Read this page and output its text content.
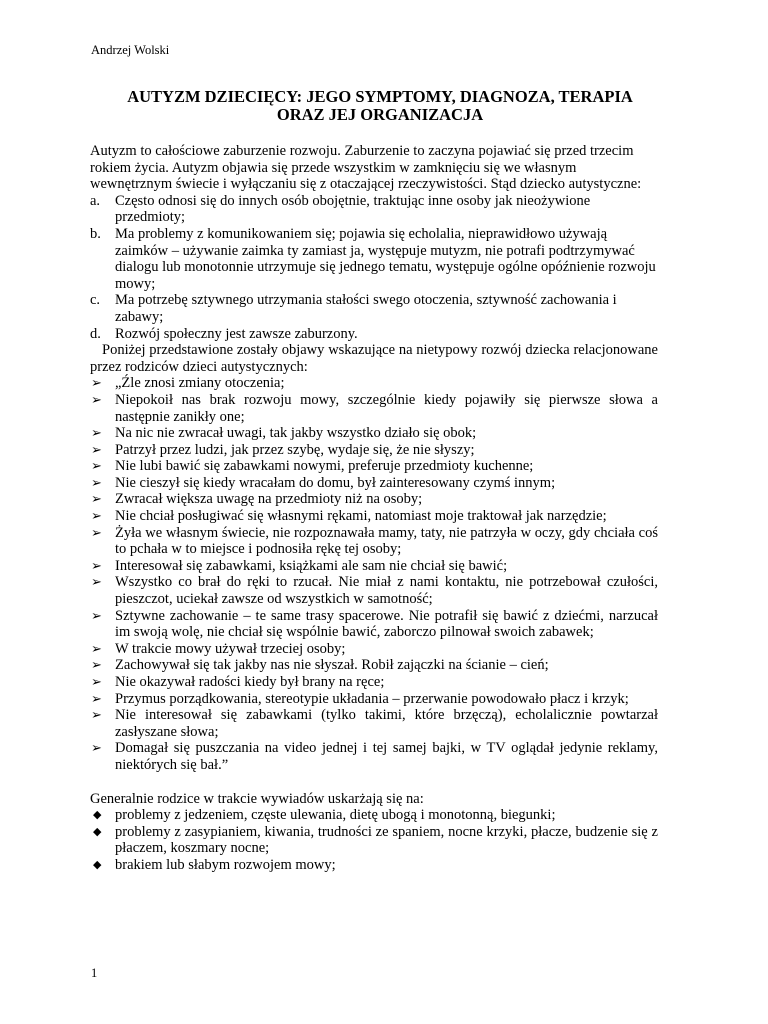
Andrzej Wolski
AUTYZM DZIECIĘCY: JEGO SYMPTOMY, DIAGNOZA, TERAPIA
ORAZ JEJ ORGANIZACJA

Autyzm to całościowe zaburzenie rozwoju. Zaburzenie to zaczyna pojawiać się przed trzecim rokiem życia. Autyzm objawia się przede wszystkim w zamknięciu się we własnym wewnętrznym świecie i wyłączaniu się z otaczającej rzeczywistości. Stąd dziecko autystyczne:

a. Często odnosi się do innych osób obojętnie, traktując inne osoby jak nieożywione przedmioty;
b. Ma problemy z komunikowaniem się; pojawia się echolalia, nieprawidłowo używają zaimków – używanie zaimka ty zamiast ja, występuje mutyzm, nie potrafi podtrzymywać dialogu lub monotonnie utrzymuje się jednego tematu, występuje ogólne opóźnienie rozwoju mowy;
c. Ma potrzebę sztywnego utrzymania stałości swego otoczenia, sztywność zachowania i zabawy;
d. Rozwój społeczny jest zawsze zaburzony.

Poniżej przedstawione zostały objawy wskazujące na nietypowy rozwój dziecka relacjonowane przez rodziców dzieci autystycznych:

➢ „Źle znosi zmiany otoczenia;
➢ Niepokoił nas brak rozwoju mowy, szczególnie kiedy pojawiły się pierwsze słowa a następnie zanikły one;
➢ Na nic nie zwracał uwagi, tak jakby wszystko działo się obok;
➢ Patrzył przez ludzi, jak przez szybę, wydaje się, że nie słyszy;
➢ Nie lubi bawić się zabawkami nowymi, preferuje przedmioty kuchenne;
➢ Nie cieszył się kiedy wracałam do domu, był zainteresowany czymś innym;
➢ Zwracał większa uwagę na przedmioty niż na osoby;
➢ Nie chciał posługiwać się własnymi rękami, natomiast moje traktował jak narzędzie;
➢ Żyła we własnym świecie, nie rozpoznawała mamy, taty, nie patrzyła w oczy, gdy chciała coś to pchała w to miejsce i podnosiła rękę tej osoby;
➢ Interesował się zabawkami, książkami ale sam nie chciał się bawić;
➢ Wszystko co brał do ręki to rzucał. Nie miał z nami kontaktu, nie potrzebował czułości, pieszczot, uciekał zawsze od wszystkich w samotność;
➢ Sztywne zachowanie – te same trasy spacerowe. Nie potrafił się bawić z dziećmi, narzucał im swoją wolę, nie chciał się wspólnie bawić, zaborczo pilnował swoich zabawek;
➢ W trakcie mowy używał trzeciej osoby;
➢ Zachowywał się tak jakby nas nie słyszał. Robił zajączki na ścianie – cień;
➢ Nie okazywał radości kiedy był brany na ręce;
➢ Przymus porządkowania, stereotypie układania – przerwanie powodowało płacz i krzyk;
➢ Nie interesował się zabawkami (tylko takimi, które brzęczą), echolalicznie powtarzał zasłyszane słowa;
➢ Domagał się puszczania na video jednej i tej samej bajki, w TV oglądał jedynie reklamy, niektórych się bał.”

Generalnie rodzice w trakcie wywiadów uskarżają się na:

◆ problemy z jedzeniem, częste ulewania, dietę ubogą i monotonną, biegunki;
◆ problemy z zasypianiem, kiwania, trudności ze spaniem, nocne krzyki, płacze, budzenie się z płaczem, koszmary nocne;
◆ brakiem lub słabym rozwojem mowy;
1
